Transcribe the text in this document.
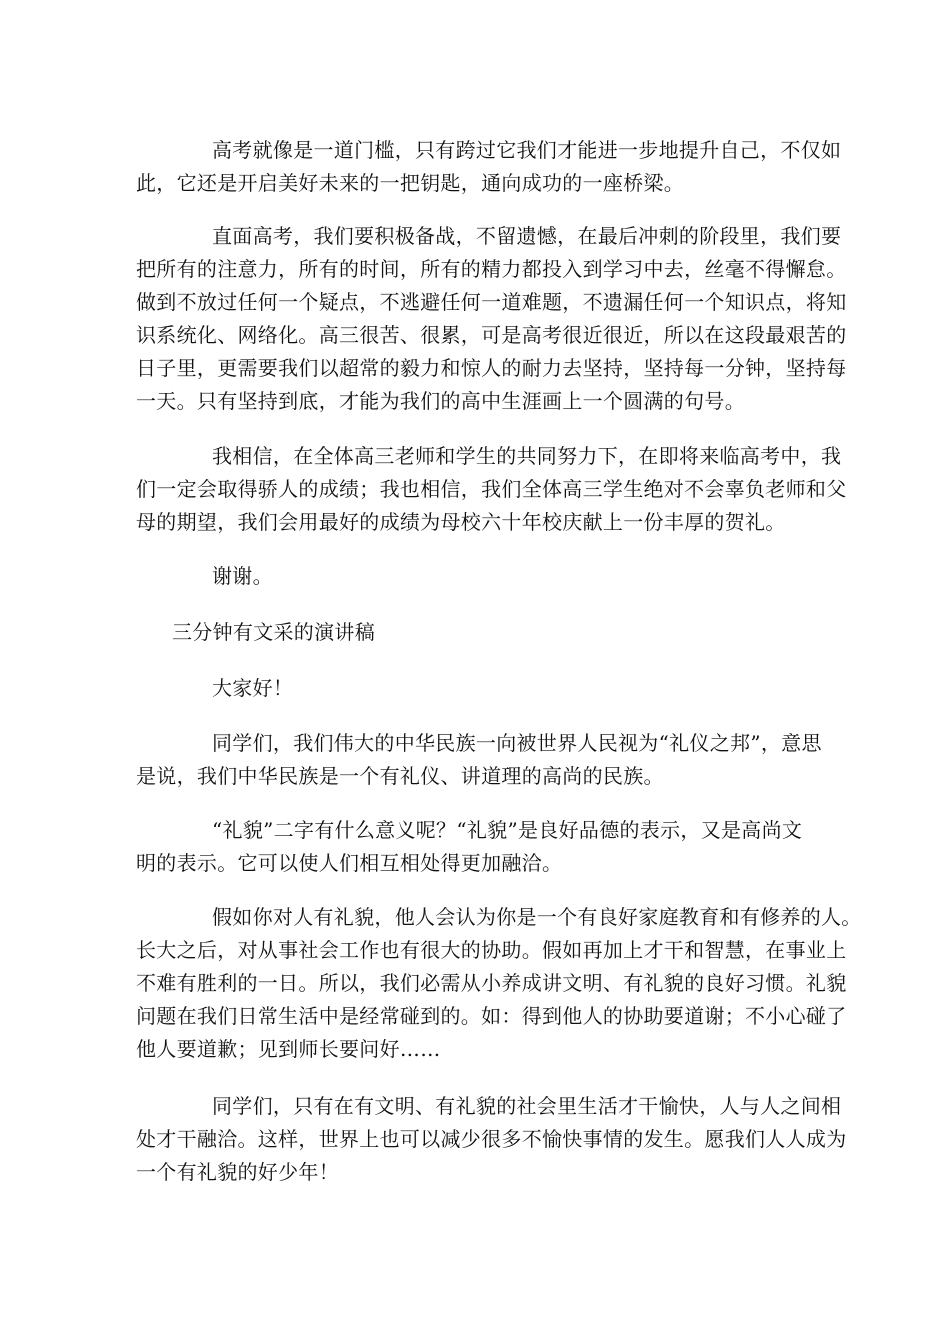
高考就像是一道门槛，只有跨过它我们才能进一步地提升自己，不仅如
此，它还是开启美好未来的一把钥匙，通向成功的一座桥梁。
直面高考，我们要积极备战，不留遗憾，在最后冲刺的阶段里，我们要
把所有的注意力，所有的时间，所有的精力都投入到学习中去，丝毫不得懈怠。
做到不放过任何一个疑点，不逃避任何一道难题，不遗漏任何一个知识点，将知
识系统化、网络化。高三很苦、很累，可是高考很近很近，所以在这段最艰苦的
日子里，更需要我们以超常的毅力和惊人的耐力去坚持，坚持每一分钟，坚持每
一天。只有坚持到底，才能为我们的高中生涯画上一个圆满的句号。
我相信，在全体高三老师和学生的共同努力下，在即将来临高考中，我
们一定会取得骄人的成绩；我也相信，我们全体高三学生绝对不会辜负老师和父
母的期望，我们会用最好的成绩为母校六十年校庆献上一份丰厚的贺礼。
谢谢。
三分钟有文采的演讲稿
大家好！
同学们，我们伟大的中华民族一向被世界人民视为“礼仪之邦”，意思
是说，我们中华民族是一个有礼仪、讲道理的高尚的民族。
“礼貌”二字有什么意义呢？“礼貌”是良好品德的表示，又是高尚文
明的表示。它可以使人们相互相处得更加融洽。
假如你对人有礼貌，他人会认为你是一个有良好家庭教育和有修养的人。
长大之后，对从事社会工作也有很大的协助。假如再加上才干和智慧，在事业上
不难有胜利的一日。所以，我们必需从小养成讲文明、有礼貌的良好习惯。礼貌
问题在我们日常生活中是经常碰到的。如：得到他人的协助要道谢；不小心碰了
他人要道歉；见到师长要问好……
同学们，只有在有文明、有礼貌的社会里生活才干愉快，人与人之间相
处才干融洽。这样，世界上也可以减少很多不愉快事情的发生。愿我们人人成为
一个有礼貌的好少年！
